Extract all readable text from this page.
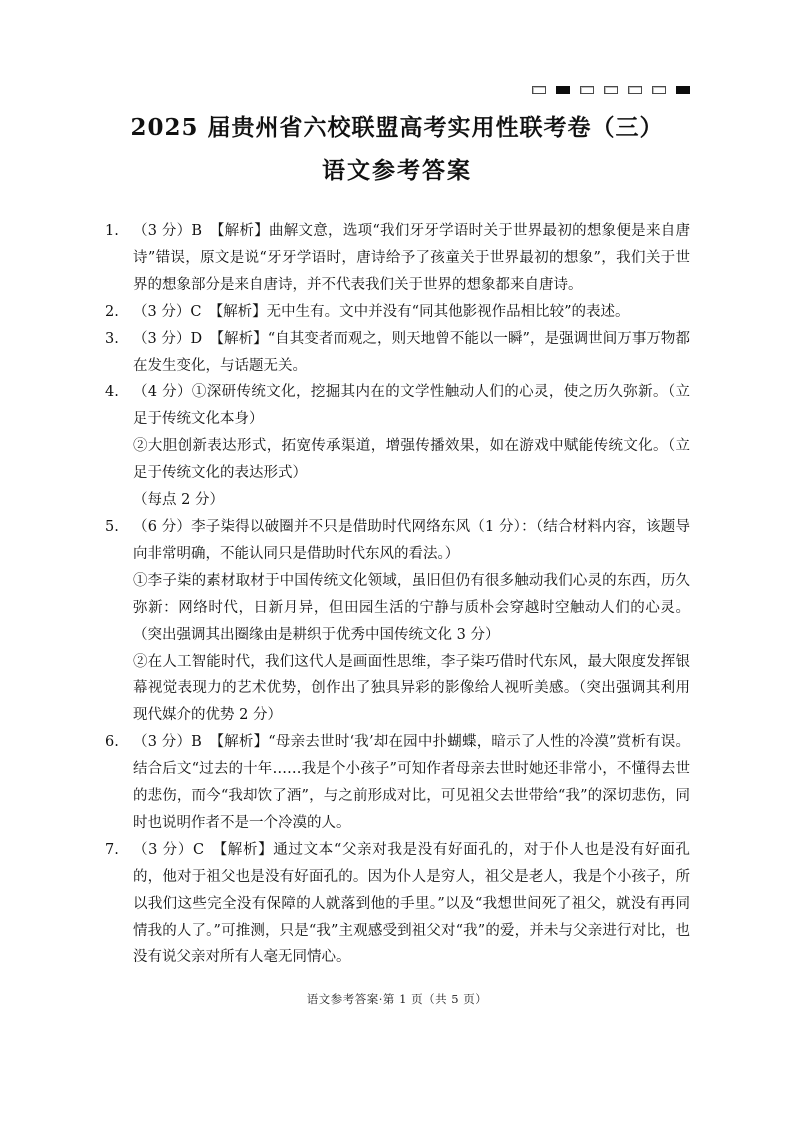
2025 届贵州省六校联盟高考实用性联考卷（三）
语文参考答案
1. （3 分）B　【解析】曲解文意，选项“我们牙牙学语时关于世界最初的想象便是来自唐诗”错误，原文是说“牙牙学语时，唐诗给予了孩童关于世界最初的想象”，我们关于世界的想象部分是来自唐诗，并不代表我们关于世界的想象都来自唐诗。

2. （3 分）C　【解析】无中生有。文中并没有“同其他影视作品相比较”的表述。

3. （3 分）D　【解析】“自其变者而观之，则天地曾不能以一瞬”，是强调世间万事万物都在发生变化，与话题无关。

4. （4 分）①深研传统文化，挖掘其内在的文学性触动人们的心灵，使之历久弥新。（立足于传统文化本身）

②大胆创新表达形式，拓宽传承渠道，增强传播效果，如在游戏中赋能传统文化。（立足于传统文化的表达形式）

（每点 2 分）

5. （6 分）李子柒得以破圈并不只是借助时代网络东风（1 分）：（结合材料内容，该题导向非常明确，不能认同只是借助时代东风的看法。）

①李子柒的素材取材于中国传统文化领域，虽旧但仍有很多触动我们心灵的东西，历久弥新：网络时代，日新月异，但田园生活的宁静与质朴会穿越时空触动人们的心灵。（突出强调其出圈缘由是耕织于优秀中国传统文化 3 分）

②在人工智能时代，我们这代人是画面性思维，李子柒巧借时代东风，最大限度发挥银幕视觉表现力的艺术优势，创作出了独具异彩的影像给人视听美感。（突出强调其利用现代媒介的优势 2 分）

6. （3 分）B　【解析】“母亲去世时‘我’却在园中扑蝴蝶，暗示了人性的冷漠”赏析有误。结合后文“过去的十年……我是个小孩子”可知作者母亲去世时她还非常小，不懂得去世的悲伤，而今“我却饮了酒”，与之前形成对比，可见祖父去世带给“我”的深切悲伤，同时也说明作者不是一个冷漠的人。

7. （3 分）C　【解析】通过文本“父亲对我是没有好面孔的，对于仆人也是没有好面孔的，他对于祖父也是没有好面孔的。因为仆人是穷人，祖父是老人，我是个小孩子，所以我们这些完全没有保障的人就落到他的手里。”以及“我想世间死了祖父，就没有再同情我的人了。”可推测，只是“我”主观感受到祖父对“我”的爱，并未与父亲进行对比，也没有说父亲对所有人毫无同情心。

语文参考答案·第 1 页（共 5 页）
